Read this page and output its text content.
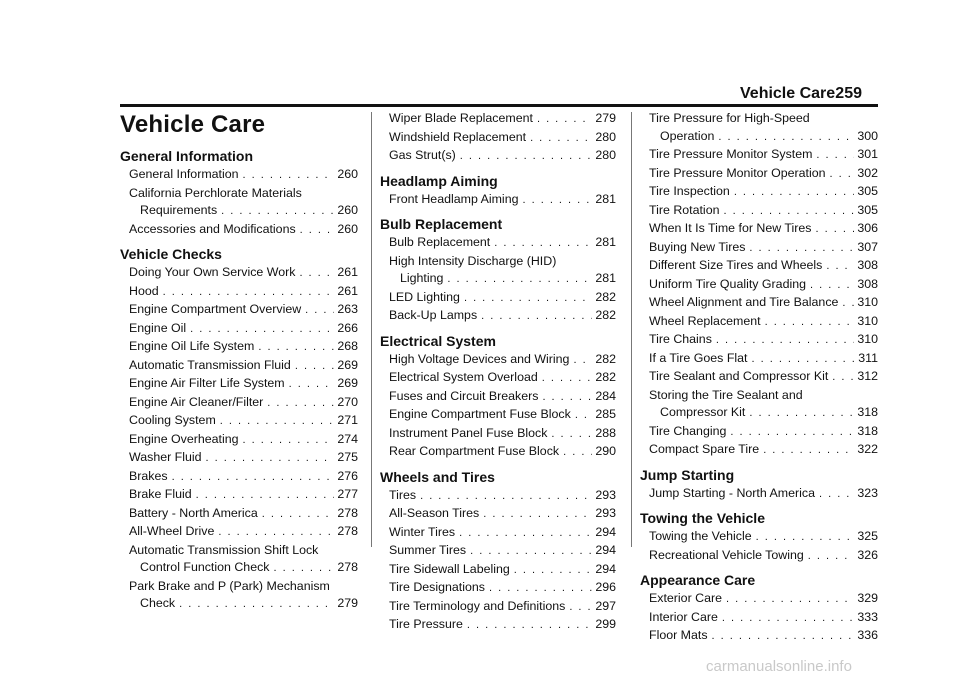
Vehicle Care 259
Vehicle Care
General Information
General Information . . .	260
California Perchlorate Materials
Requirements . . .	260
Accessories and Modifications . . .	260
Vehicle Checks
Doing Your Own Service Work . . .	261
Hood . . .	261
Engine Compartment Overview . . .	263
Engine Oil . . .	266
Engine Oil Life System . . .	268
Automatic Transmission Fluid . . .	269
Engine Air Filter Life System . . .	269
Engine Air Cleaner/Filter . . .	270
Cooling System . . .	271
Engine Overheating . . .	274
Washer Fluid . . .	275
Brakes . . .	276
Brake Fluid . . .	277
Battery - North America . . .	278
All-Wheel Drive . . .	278
Automatic Transmission Shift Lock
Control Function Check . . .	278
Park Brake and P (Park) Mechanism
Check . . .	279
Wiper Blade Replacement . . .	279
Windshield Replacement . . .	280
Gas Strut(s) . . .	280
Headlamp Aiming
Front Headlamp Aiming . . .	281
Bulb Replacement
Bulb Replacement . . .	281
High Intensity Discharge (HID)
Lighting . . .	281
LED Lighting . . .	282
Back-Up Lamps . . .	282
Electrical System
High Voltage Devices and Wiring . . . 282
Electrical System Overload . . .	282
Fuses and Circuit Breakers . . .	284
Engine Compartment Fuse Block . . . 285
Instrument Panel Fuse Block . . .	288
Rear Compartment Fuse Block . . .	290
Wheels and Tires
Tires . . .	293
All-Season Tires . . .	293
Winter Tires . . .	294
Summer Tires . . .	294
Tire Sidewall Labeling . . .	294
Tire Designations . . .	296
Tire Terminology and Definitions . . . 297
Tire Pressure . . .	299
Tire Pressure for High-Speed
Operation . . .	300
Tire Pressure Monitor System . . .	301
Tire Pressure Monitor Operation . . .	302
Tire Inspection . . .	305
Tire Rotation . . .	305
When It Is Time for New Tires . . .	306
Buying New Tires . . .	307
Different Size Tires and Wheels . . .	308
Uniform Tire Quality Grading . . .	308
Wheel Alignment and Tire Balance . . . 310
Wheel Replacement . . .	310
Tire Chains . . .	310
If a Tire Goes Flat . . .	311
Tire Sealant and Compressor Kit . . . 312
Storing the Tire Sealant and
Compressor Kit . . .	318
Tire Changing . . .	318
Compact Spare Tire . . .	322
Jump Starting
Jump Starting - North America . . .	323
Towing the Vehicle
Towing the Vehicle . . .	325
Recreational Vehicle Towing . . .	326
Appearance Care
Exterior Care . . .	329
Interior Care . . .	333
Floor Mats . . .	336
carmanualsonline.info
